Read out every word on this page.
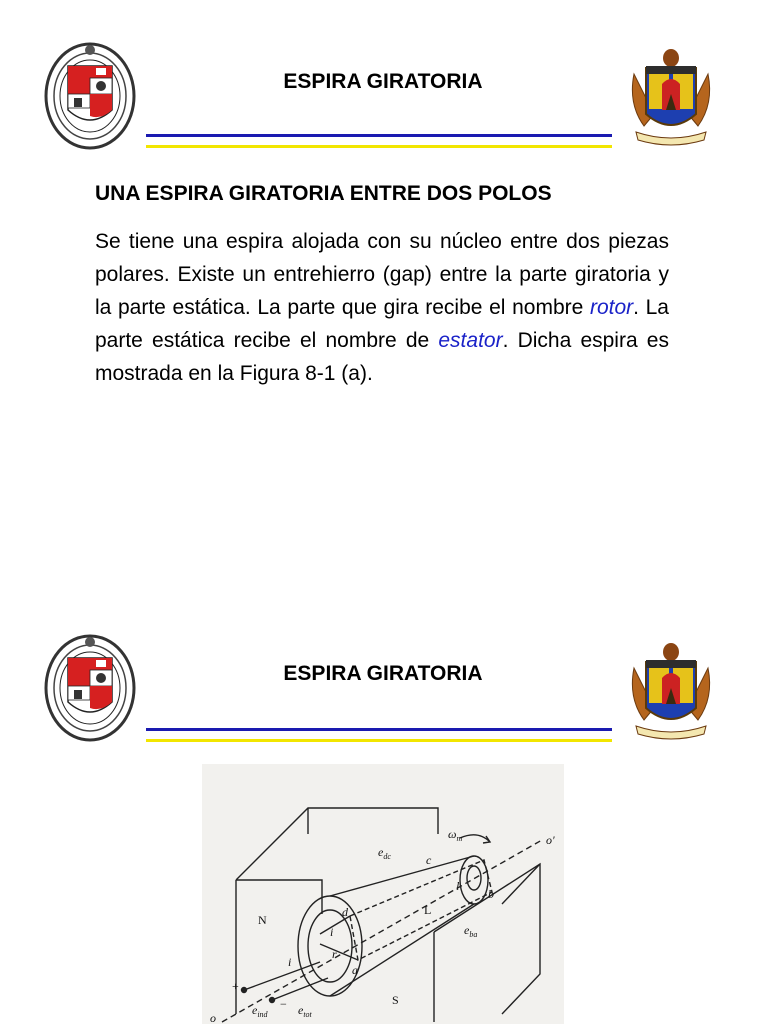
ESPIRA GIRATORIA
UNA ESPIRA GIRATORIA ENTRE DOS POLOS

Se tiene una espira alojada con su núcleo entre dos piezas polares. Existe un entrehierro (gap) entre la parte giratoria y la parte estática. La parte que gira recibe el nombre rotor. La parte estática recibe el nombre de estator. Dicha espira es mostrada en la Figura 8-1 (a).

ESPIRA GIRATORIA
o'
o
N
S
$e_{dc}$
$\omega_m$
c
b
d
a
r
l
i
i
L
$e_{ba}$
$e_{ind}$	$e_{tot}$
+
−
